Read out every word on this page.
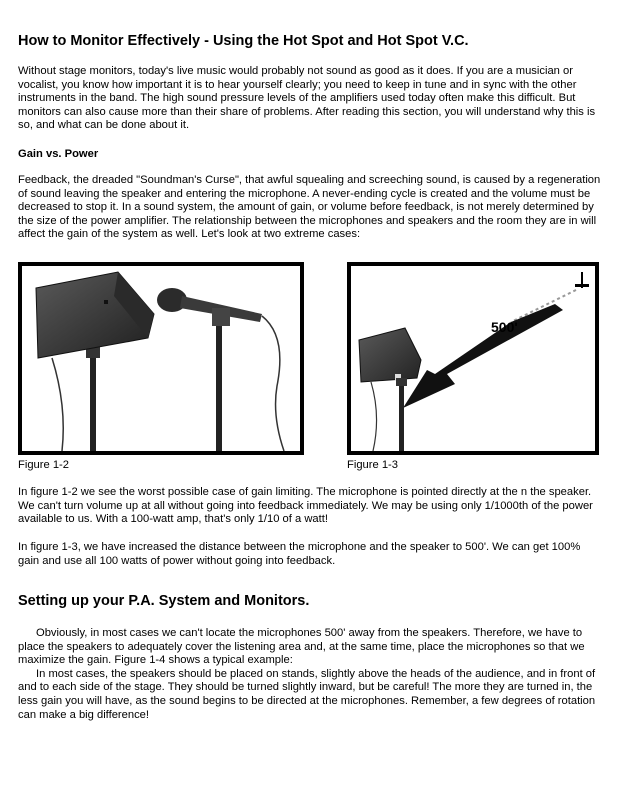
How to Monitor Effectively - Using the Hot Spot and Hot Spot V.C.

Without stage monitors, today's live music would probably not sound as good as it does. If you are a musician or vocalist, you know how important it is to hear yourself clearly; you need to keep in tune and in sync with the other instruments in the band. The high sound pressure levels of the amplifiers used today often make this difficult. But monitors can also cause more than their share of problems. After reading this section, you will understand why this is so, and what can be done about it.

Gain vs. Power

Feedback, the dreaded "Soundman's Curse", that awful squealing and screeching sound, is caused by a regeneration of sound leaving the speaker and entering the microphone. A never-ending cycle is created and the volume must be decreased to stop it. In a sound system, the amount of gain, or volume before feedback, is not merely determined by the size of the power amplifier. The relationship between the microphones and speakers and the room they are in will affect the gain of the system as well. Let's look at two extreme cases:

500'
Figure 1-2	Figure 1-3

In figure 1-2 we see the worst possible case of gain limiting. The microphone is pointed directly at the n the speaker. We can't turn volume up at all without going into feedback immediately. We may be using only 1/1000th of the power available to us. With a 100-watt amp, that's only 1/10 of a watt!

In figure 1-3, we have increased the distance between the microphone and the speaker to 500'. We can get 100% gain and use all 100 watts of power without going into feedback.

Setting up your P.A. System and Monitors.

Obviously, in most cases we can't locate the microphones 500' away from the speakers. Therefore, we have to place the speakers to adequately cover the listening area and, at the same time, place the microphones so that we maximize the gain. Figure 1-4 shows a typical example:
In most cases, the speakers should be placed on stands, slightly above the heads of the audience, and in front of and to each side of the stage. They should be turned slightly inward, but be careful! The more they are turned in, the less gain you will have, as the sound begins to be directed at the microphones. Remember, a few degrees of rotation can make a big difference!
